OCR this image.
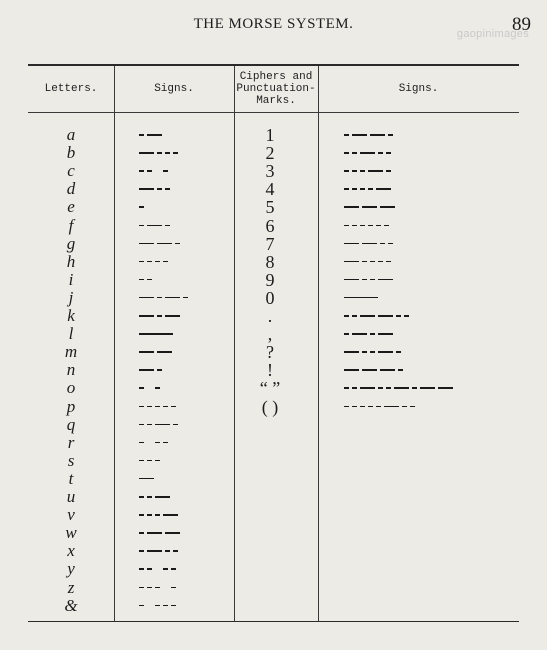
THE MORSE SYSTEM.	89
gaopinimages
Letters.	Signs.
Ciphers and
Punctuation-
Marks.
Signs.
a
b
c
d
e
f
g
h
i
j
k
l
m
n
o
p
q
r
s
t
u
v
w
x
y
z
&
1
2
3
4
5
6
7
8
9
0
.
,
?
!
“ ”
( )
